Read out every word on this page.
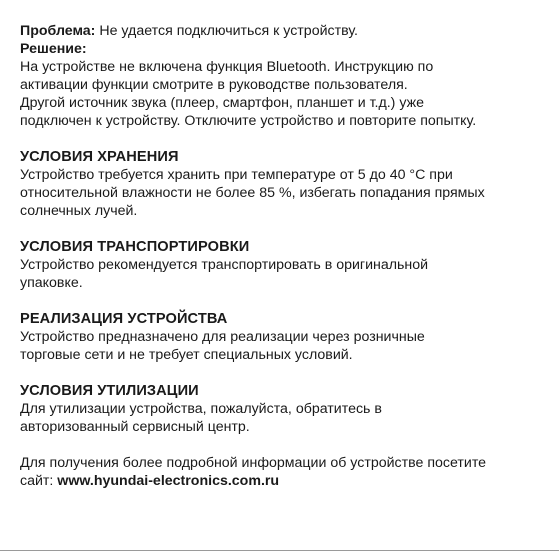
Проблема: Не удается подключиться к устройству.
Решение:
На устройстве не включена функция Bluetooth. Инструкцию по
активации функции смотрите в руководстве пользователя.
Другой источник звука (плеер, смартфон, планшет и т.д.) уже
подключен к устройству. Отключите устройство и повторите попытку.
УСЛОВИЯ ХРАНЕНИЯ
Устройство требуется хранить при температуре от 5 до 40 °C при
относительной влажности не более 85 %, избегать попадания прямых
солнечных лучей.
УСЛОВИЯ ТРАНСПОРТИРОВКИ
Устройство рекомендуется транспортировать в оригинальной
упаковке.
РЕАЛИЗАЦИЯ УСТРОЙСТВА
Устройство предназначено для реализации через розничные
торговые сети и не требует специальных условий.
УСЛОВИЯ УТИЛИЗАЦИИ
Для утилизации устройства, пожалуйста, обратитесь в
авторизованный сервисный центр.
Для получения более подробной информации об устройстве посетите
сайт: www.hyundai-electronics.com.ru
